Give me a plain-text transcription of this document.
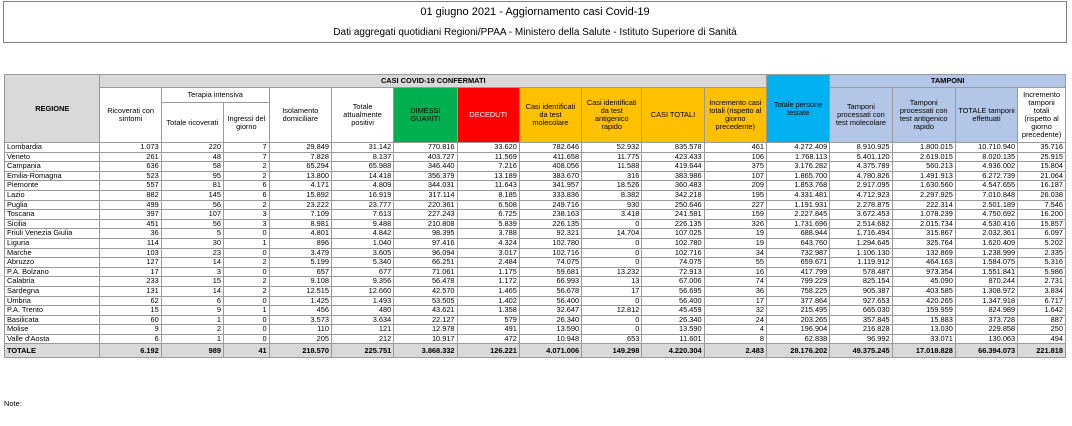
01 giugno 2021 - Aggiornamento casi Covid-19
Dati aggregati quotidiani Regioni/PPAA - Ministero della Salute - Istituto Superiore di Sanità
REGIONE	CASI COVID-19 CONFERMATI											Totale persone testate	TAMPONI			
	Ricoverati con sintomi	Terapia intensiva		Isolamento domiciliare	Totale attualmente positivi	DIMESSI GUARITI	DECEDUTI	Casi identificati da test molecolare	Casi identificati da test antigenico rapido	CASI TOTALI	Incremento casi totali (rispetto al giorno precedente)		Tamponi processati con test molecolare	Tamponi processati con test antigenico rapido	TOTALE tamponi effettuati	Incremento tamponi totali (rispetto al giorno precedente)
		Totale ricoverati	Ingressi del giorno													
Lombardia	1.073	220	7	29.849	31.142	770.816	33.620	782.646	52.932	835.578	461	4.272.409	8.910.925	1.800.015	10.710.940	35.716
Veneto	261	48	7	7.828	8.137	403.727	11.569	411.658	11.775	423.433	106	1.768.113	5.401.120	2.619.015	8.020.135	25.915
Campania	636	58	2	65.294	65.988	346.440	7.216	408.056	11.588	419.644	375	3.176.282	4.375.789	560.213	4.936.002	15.804
Emilia-Romagna	523	95	2	13.800	14.418	356.379	13.189	383.670	316	383.986	107	1.865.700	4.780.826	1.491.913	6.272.739	21.064
Piemonte	557	81	6	4.171	4.809	344.031	11.643	341.957	18.526	360.483	209	1.853.768	2.917.095	1.630.560	4.547.655	16.187
Lazio	882	145	6	15.892	16.919	317.114	8.185	333.836	8.382	342.218	195	4.331.481	4.712.923	2.297.925	7.010.848	26.038
Puglia	499	56	2	23.222	23.777	220.361	6.508	249.716	930	250.646	227	1.191.931	2.278.875	222.314	2.501.189	7.546
Toscana	397	107	3	7.109	7.613	227.243	6.725	238.163	3.418	241.581	159	2.227.845	3.672.453	1.078.239	4.750.692	16.200
Sicilia	451	56	3	8.981	9.488	210.808	5.839	226.135	0	226.135	326	1.731.696	2.514.682	2.015.734	4.530.416	15.857
Friuli Venezia Giulia	36	5	0	4.801	4.842	98.395	3.788	92.321	14.704	107.025	19	688.944	1.716.494	315.867	2.032.361	6.097
Liguria	114	30	1	896	1.040	97.416	4.324	102.780	0	102.780	19	643.760	1.294.645	325.764	1.620.409	5.202
Marche	103	23	0	3.479	3.605	96.094	3.017	102.716	0	102.716	34	732.987	1.106.130	132.869	1.238.999	2.335
Abruzzo	127	14	2	5.199	5.340	66.251	2.484	74.075	0	74.075	55	659.671	1.119.912	464.163	1.584.075	5.316
P.A. Bolzano	17	3	0	657	677	71.061	1.175	59.681	13.232	72.913	16	417.799	578.487	973.354	1.551.841	5.986
Calabria	233	15	2	9.108	9.356	56.478	1.172	66.993	13	67.006	74	799.229	825.154	45.090	870.244	2.731
Sardegna	131	14	2	12.515	12.660	42.570	1.465	56.678	17	56.695	36	758.225	905.387	403.585	1.308.972	3.834
Umbria	62	6	0	1.425	1.493	53.505	1.402	56.400	0	56.400	17	377.864	927.653	420.265	1.347.918	6.717
P.A. Trento	15	9	1	456	480	43.621	1.358	32.647	12.812	45.459	32	215.495	665.030	159.959	824.989	1.642
Basilicata	60	1	0	3.573	3.634	22.127	579	26.340	0	26.340	24	203.265	357.845	15.883	373.728	887
Molise	9	2	0	110	121	12.978	491	13.590	0	13.590	4	196.904	216.828	13.030	229.858	250
Valle d'Aosta	6	1	0	205	212	10.917	472	10.948	653	11.601	8	62.838	96.992	33.071	130.063	494
TOTALE	6.192	989	41	218.570	225.751	3.868.332	126.221	4.071.006	149.298	4.220.304	2.483	28.176.202	49.375.245	17.018.828	66.394.073	221.818
Note:
